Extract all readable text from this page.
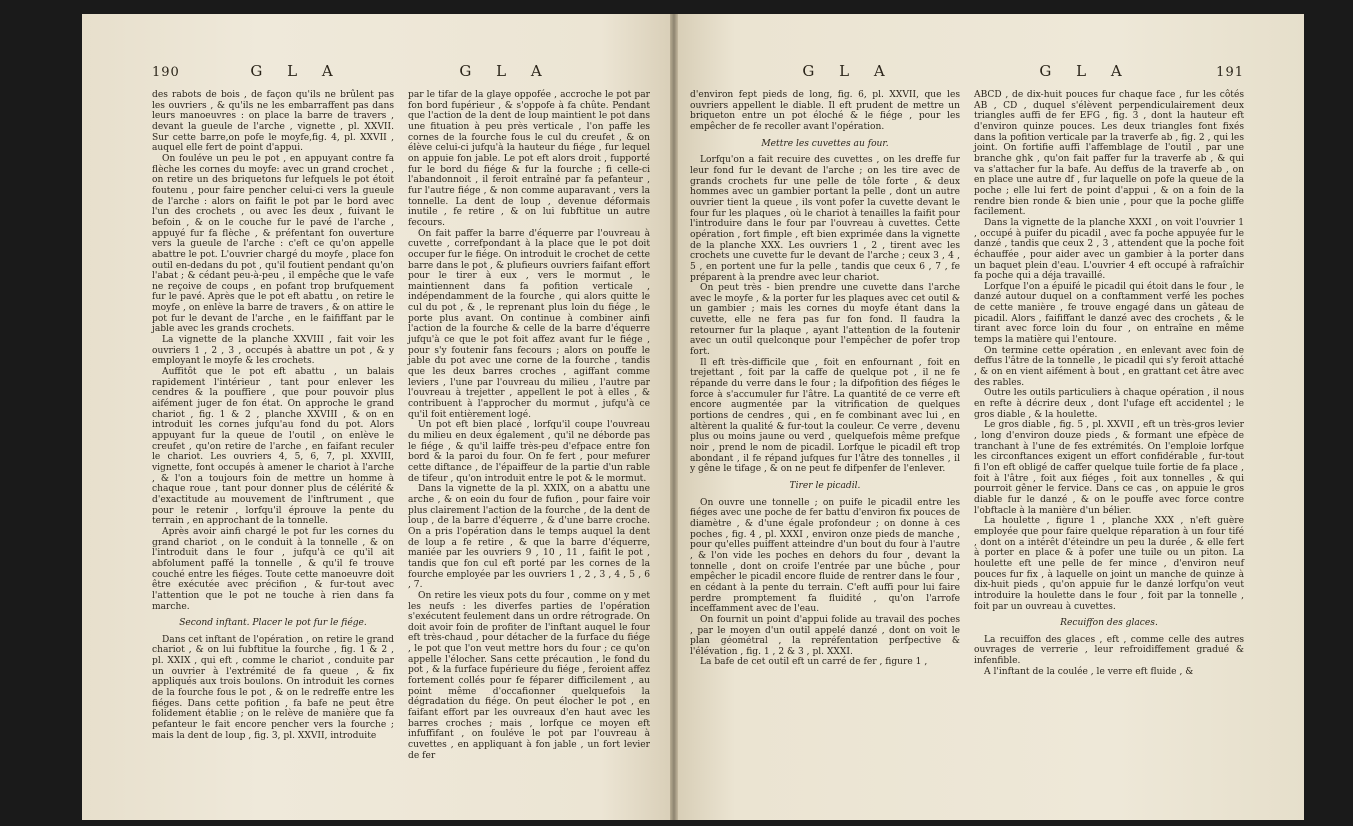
190	G L A	G L A

des rabots de bois , de façon qu'ils ne brûlent pas les ouvriers , & qu'ils ne les embarraffent pas dans leurs manoeuvres : on place la barre de travers , devant la gueule de l'arche , vignette , pl. XXVII. Sur cette barre,on pofe le moyfe,fig. 4, pl. XXVII , auquel elle fert de point d'appui.

On fouléve un peu le pot , en appuyant contre fa flèche les cornes du moyfe: avec un grand crochet , on retire un des briquetons fur lefquels le pot étoit foutenu , pour faire pencher celui-ci vers la gueule de l'arche : alors on faifit le pot par le bord avec l'un des crochets , ou avec les deux , fuivant le befoin , & on le couche fur le pavé de l'arche , appuyé fur fa flèche , & préfentant fon ouverture vers la gueule de l'arche : c'eft ce qu'on appelle abattre le pot. L'ouvrier chargé du moyfe , place fon outil en-dedans du pot , qu'il foutient pendant qu'on l'abat ; & cédant peu-à-peu , il empêche que le vafe ne reçoive de coups , en pofant trop brufquement fur le pavé. Après que le pot eft abattu , on retire le moyfe , on enlève la barre de travers , & on attire le pot fur le devant de l'arche , en le faififfant par le jable avec les grands crochets.

La vignette de la planche XXVIII , fait voir les ouvriers 1 , 2 , 3 , occupés à abattre un pot , & y employant le moyfe & les crochets.

Auffitôt que le pot eft abattu , un balais rapidement l'intérieur , tant pour enlever les cendres & la pouffiere , que pour pouvoir plus aifément juger de fon état. On approche le grand chariot , fig. 1 & 2 , planche XXVIII , & on en introduit les cornes jufqu'au fond du pot. Alors appuyant fur la queue de l'outil , on enlève le creufet , qu'on retire de l'arche , en faifant reculer le chariot. Les ouvriers 4, 5, 6, 7, pl. XXVIII, vignette, font occupés à amener le chariot à l'arche , & l'on a toujours foin de mettre un homme à chaque roue , tant pour donner plus de célérité & d'exactitude au mouvement de l'inftrument , que pour le retenir , lorfqu'il éprouve la pente du terrain , en approchant de la tonnelle.

Après avoir ainfi chargé le pot fur les cornes du grand chariot , on le conduit à la tonnelle , & on l'introduit dans le four , jufqu'à ce qu'il ait abfolument paffé la tonnelle , & qu'il fe trouve couché entre les fiéges. Toute cette manoeuvre doit être exécutée avec précifion , & fur-tout avec l'attention que le pot ne touche à rien dans fa marche.

Second inftant. Placer le pot fur le fiége.

Dans cet inftant de l'opération , on retire le grand chariot , & on lui fubftitue la fourche , fig. 1 & 2 , pl. XXIX , qui eft , comme le chariot , conduite par un ouvrier à l'extrémité de fa queue , & fix appliqués aux trois boulons. On introduit les cornes de la fourche fous le pot , & on le redreffe entre les fiéges. Dans cette pofition , fa bafe ne peut être folidement établie ; on le relève de manière que fa pefanteur le fait encore pencher vers la fourche ; mais la dent de loup , fig. 3, pl. XXVII, introduite

par le tifar de la glaye oppofée , accroche le pot par fon bord fupérieur , & s'oppofe à fa chûte. Pendant que l'action de la dent de loup maintient le pot dans une fituation à peu près verticale , l'on paffe les cornes de la fourche fous le cul du creufet , & on élève celui-ci jufqu'à la hauteur du fiége , fur lequel on appuie fon jable. Le pot eft alors droit , fupporté fur le bord du fiége & fur la fourche ; fi celle-ci l'abandonnoit , il feroit entraîné par fa pefanteur , fur l'autre fiége , & non comme auparavant , vers la tonnelle. La dent de loup , devenue déformais inutile , fe retire , & on lui fubftitue un autre fecours.

On fait paffer la barre d'équerre par l'ouvreau à cuvette , correfpondant à la place que le pot doit occuper fur le fiége. On introduit le crochet de cette barre dans le pot , & plufieurs ouvriers faifant effort pour le tirer à eux , vers le mormut , le maintiennent dans fa pofition verticale , indépendamment de la fourche , qui alors quitte le cul du pot , & , le reprenant plus loin du fiége , le porte plus avant. On continue à combiner ainfi l'action de la fourche & celle de la barre d'équerre jufqu'à ce que le pot foit affez avant fur le fiége , pour s'y foutenir fans fecours ; alors on pouffe le jable du pot avec une corne de la fourche , tandis que les deux barres croches , agiffant comme leviers , l'une par l'ouvreau du milieu , l'autre par l'ouvreau à trejetter , appellent le pot à elles , & contribuent à l'approcher du mormut , jufqu'à ce qu'il foit entièrement logé.

Un pot eft bien placé , lorfqu'il coupe l'ouvreau du milieu en deux également , qu'il ne déborde pas le fiége , & qu'il laiffe très-peu d'efpace entre fon bord & la paroi du four. On fe fert , pour mefurer cette diftance , de l'épaiffeur de la partie d'un rable de tifeur , qu'on introduit entre le pot & le mormut.

Dans la vignette de la pl. XXIX, on a abattu une arche , & on eoin du four de fufion , pour faire voir plus clairement l'action de la fourche , de la dent de loup , de la barre d'équerre , & d'une barre croche. On a pris l'opération dans le temps auquel la dent de loup a fe retire , & que la barre d'équerre, maniée par les ouvriers 9 , 10 , 11 , faifit le pot , tandis que fon cul eft porté par les cornes de la fourche employée par les ouvriers 1 , 2 , 3 , 4 , 5 , 6 , 7.

On retire les vieux pots du four , comme on y met les neufs : les diverfes parties de l'opération s'exécutent feulement dans un ordre rétrograde. On doit avoir foin de profiter de l'inftant auquel le four eft très-chaud , pour détacher de la furface du fiége , le pot que l'on veut mettre hors du four ; ce qu'on appelle l'élocher. Sans cette précaution , le fond du pot , & la furface fupérieure du fiége , feroient affez fortement collés pour fe féparer difficilement , au point même d'occafionner quelquefois la dégradation du fiége. On peut élocher le pot , en faifant effort par les ouvreaux d'en haut avec les barres croches ; mais , lorfque ce moyen eft infuffifant , on fouléve le pot par l'ouvreau à cuvettes , en appliquant à fon jable , un fort levier de fer

G L A	G L A	191

d'environ fept pieds de long, fig. 6, pl. XXVII, que les ouvriers appellent le diable. Il eft prudent de mettre un briqueton entre un pot éloché & le fiége , pour les empêcher de fe recoller avant l'opération.

Mettre les cuvettes au four.

Lorfqu'on a fait recuire des cuvettes , on les dreffe fur leur fond fur le devant de l'arche ; on les tire avec de grands crochets fur une pelle de tôle forte , & deux hommes avec un gambier portant la pelle , dont un autre ouvrier tient la queue , ils vont pofer la cuvette devant le four fur les plaques , où le chariot à tenailles la faifit pour l'introduire dans le four par l'ouvreau à cuvettes. Cette opération , fort fimple , eft bien exprimée dans la vignette de la planche XXX. Les ouvriers 1 , 2 , tirent avec les crochets une cuvette fur le devant de l'arche ; ceux 3 , 4 , 5 , en portent une fur la pelle , tandis que ceux 6 , 7 , fe préparent à la prendre avec leur chariot.

On peut très - bien prendre une cuvette dans l'arche avec le moyfe , & la porter fur les plaques avec cet outil & un gambier ; mais les cornes du moyfe étant dans la cuvette, elle ne fera pas fur fon fond. Il faudra la retourner fur la plaque , ayant l'attention de la foutenir avec un outil quelconque pour l'empêcher de pofer trop fort.

Il eft très-difficile que , foit en enfournant , foit en trejettant , foit par la caffe de quelque pot , il ne fe répande du verre dans le four ; la difpofition des fiéges le force à s'accumuler fur l'âtre. La quantité de ce verre eft encore augmentée par la vitrification de quelques portions de cendres , qui , en fe combinant avec lui , en altèrent la qualité & fur-tout la couleur. Ce verre , devenu plus ou moins jaune ou verd , quelquefois même prefque noir , prend le nom de picadil. Lorfque le picadil eft trop abondant , il fe répand jufques fur l'âtre des tonnelles , il y gêne le tifage , & on ne peut fe difpenfer de l'enlever.

Tirer le picadil.

On ouvre une tonnelle ; on puife le picadil entre les fiéges avec une poche de fer battu d'environ fix pouces de diamètre , & d'une égale profondeur ; on donne à ces poches , fig. 4 , pl. XXXI , environ onze pieds de manche , pour qu'elles puiffent atteindre d'un bout du four à l'autre , & l'on vide les poches en dehors du four , devant la tonnelle , dont on croife l'entrée par une bûche , pour empêcher le picadil encore fluide de rentrer dans le four , en cédant à la pente du terrain. C'eft auffi pour lui faire perdre promptement fa fluidité , qu'on l'arrofe inceffamment avec de l'eau.

On fournit un point d'appui folide au travail des poches , par le moyen d'un outil appelé danzé , dont on voit le plan géométral , la repréfentation perfpective & l'élévation , fig. 1 , 2 & 3 , pl. XXXI.

La bafe de cet outil eft un carré de fer , figure 1 ,

ABCD , de dix-huit pouces fur chaque face , fur les côtés AB , CD , duquel s'élèvent perpendiculairement deux triangles auffi de fer EFG , fig. 3 , dont la hauteur eft d'environ quinze pouces. Les deux triangles font fixés dans la pofition verticale par la traverfe ab , fig. 2 , qui les joint. On fortifie auffi l'affemblage de l'outil , par une branche ghk , qu'on fait paffer fur la traverfe ab , & qui va s'attacher fur la bafe. Au deffus de la traverfe ab , on en place une autre df , fur laquelle on pofe la queue de la poche ; elle lui fert de point d'appui , & on a foin de la rendre bien ronde & bien unie , pour que la poche gliffe facilement.

Dans la vignette de la planche XXXI , on voit l'ouvrier 1 , occupé à puifer du picadil , avec fa poche appuyée fur le danzé , tandis que ceux 2 , 3 , attendent que la poche foit échauffée , pour aider avec un gambier à la porter dans un baquet plein d'eau. L'ouvrier 4 eft occupé à rafraîchir fa poche qui a déja travaillé.

Lorfque l'on a épuifé le picadil qui étoit dans le four , le danzé autour duquel on a conftamment verfé les poches de cette manière , fe trouve engagé dans un gâteau de picadil. Alors , faififfant le danzé avec des crochets , & le tirant avec force loin du four , on entraîne en même temps la matière qui l'entoure.

On termine cette opération , en enlevant avec foin de deffus l'âtre de la tonnelle , le picadil qui s'y feroit attaché , & on en vient aifément à bout , en grattant cet âtre avec des rables.

Outre les outils particuliers à chaque opération , il nous en refte à décrire deux , dont l'ufage eft accidentel ; le gros diable , & la houlette.

Le gros diable , fig. 5 , pl. XXVII , eft un très-gros levier , long d'environ douze pieds , & formant une efpèce de tranchant à l'une de fes extrémités. On l'emploie lorfque les circonftances exigent un effort confidérable , fur-tout fi l'on eft obligé de caffer quelque tuile fortie de fa place , foit à l'âtre , foit aux fiéges , foit aux tonnelles , & qui pourroit gêner le fervice. Dans ce cas , on appuie le gros diable fur le danzé , & on le pouffe avec force contre l'obftacle à la manière d'un bélier.

La houlette , figure 1 , planche XXX , n'eft guère employée que pour faire quelque réparation à un four tifé , dont on a intérêt d'éteindre un peu la durée , & elle fert à porter en place & à pofer une tuile ou un piton. La houlette eft une pelle de fer mince , d'environ neuf pouces fur fix , à laquelle on joint un manche de quinze à dix-huit pieds , qu'on appuie fur le danzé lorfqu'on veut introduire la houlette dans le four , foit par la tonnelle , foit par un ouvreau à cuvettes.

Recuiffon des glaces.

La recuiffon des glaces , eft , comme celle des autres ouvrages de verrerie , leur refroidiffement gradué & infenfible.

A l'inftant de la coulée , le verre eft fluide , &
